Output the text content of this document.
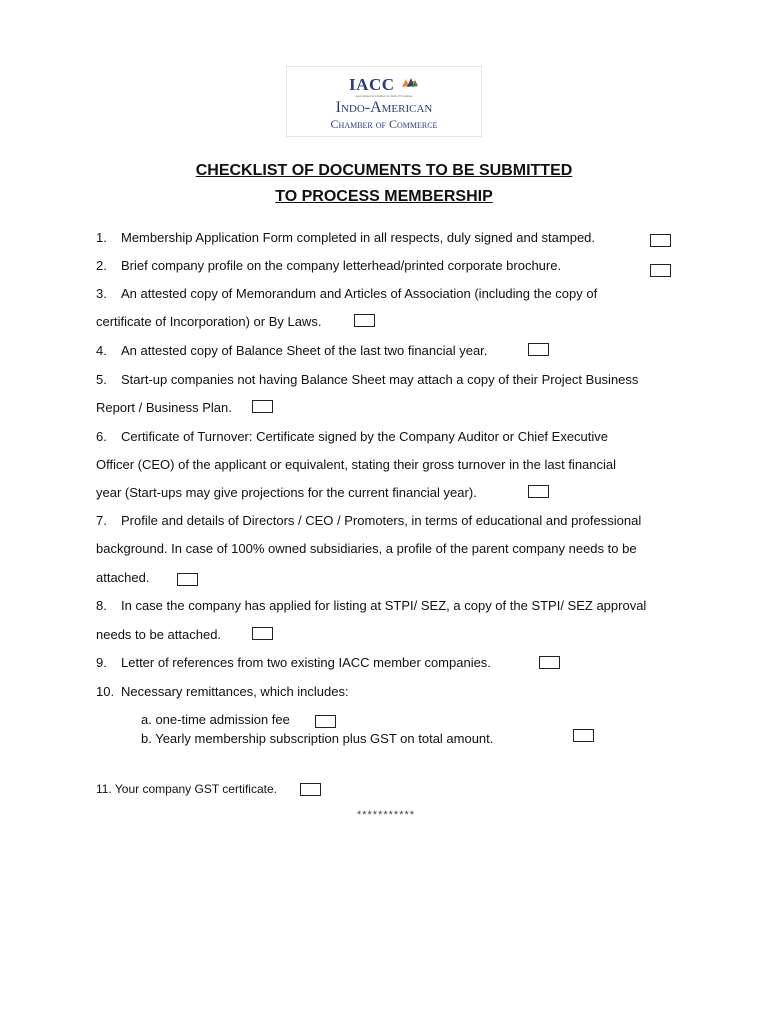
IACC
Apex Industrial Chamber for India US business
Indo-American
Chamber of Commerce
CHECKLIST OF DOCUMENTS TO BE SUBMITTED
TO PROCESS MEMBERSHIP
1. Membership Application Form completed in all respects, duly signed and stamped.
2. Brief company profile on the company letterhead/printed corporate brochure.
3. An attested copy of Memorandum and Articles of Association (including the copy of
certificate of Incorporation) or By Laws.
4. An attested copy of Balance Sheet of the last two financial year.
5. Start-up companies not having Balance Sheet may attach a copy of their Project Business
Report / Business Plan.
6. Certificate of Turnover: Certificate signed by the Company Auditor or Chief Executive
Officer (CEO) of the applicant or equivalent, stating their gross turnover in the last financial
year (Start-ups may give projections for the current financial year).
7. Profile and details of Directors / CEO / Promoters, in terms of educational and professional
background. In case of 100% owned subsidiaries, a profile of the parent company needs to be
attached.
8. In case the company has applied for listing at STPI/ SEZ, a copy of the STPI/ SEZ approval
needs to be attached.
9. Letter of references from two existing IACC member companies.
10. Necessary remittances, which includes:
a. one-time admission fee
b. Yearly membership subscription plus GST on total amount.
11. Your company GST certificate.
***********
